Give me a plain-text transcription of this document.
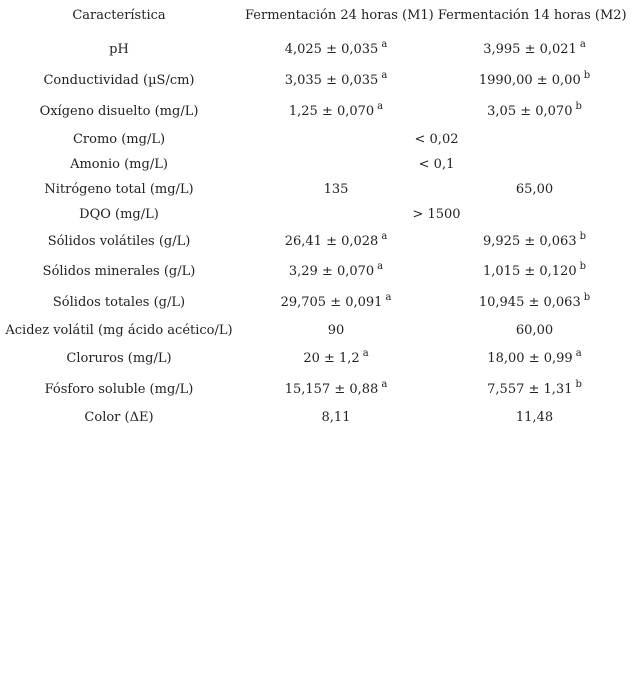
Característica	Fermentación 24 horas (M1) Fermentación 14 horas (M2)	
pH	4,025 ± 0,035 $^a$	3,995 ± 0,021 $^a$
Conductividad (µS/cm)	3,035 ± 0,035 $^a$	1990,00 ± 0,00 $^b$
Oxígeno disuelto (mg/L)	1,25 ± 0,070 $^a$	3,05 ± 0,070 $^b$
Cromo (mg/L)	< 0,02	
Amonio (mg/L)	< 0,1	
Nitrógeno total (mg/L)	135	65,00
DQO (mg/L)	> 1500	
Sólidos volátiles (g/L)	26,41 ± 0,028 $^a$	9,925 ± 0,063 $^b$
Sólidos minerales (g/L)	3,29 ± 0,070 $^a$	1,015 ± 0,120 $^b$
Sólidos totales (g/L)	29,705 ± 0,091 $^a$	10,945 ± 0,063 $^b$
Acidez volátil (mg ácido acético/L)	90	60,00
Cloruros (mg/L)	20 ± 1,2 $^a$	18,00 ± 0,99 $^a$
Fósforo soluble (mg/L)	15,157 ± 0,88 $^a$	7,557 ± 1,31 $^b$
Color (ΔE)	8,11	11,48
